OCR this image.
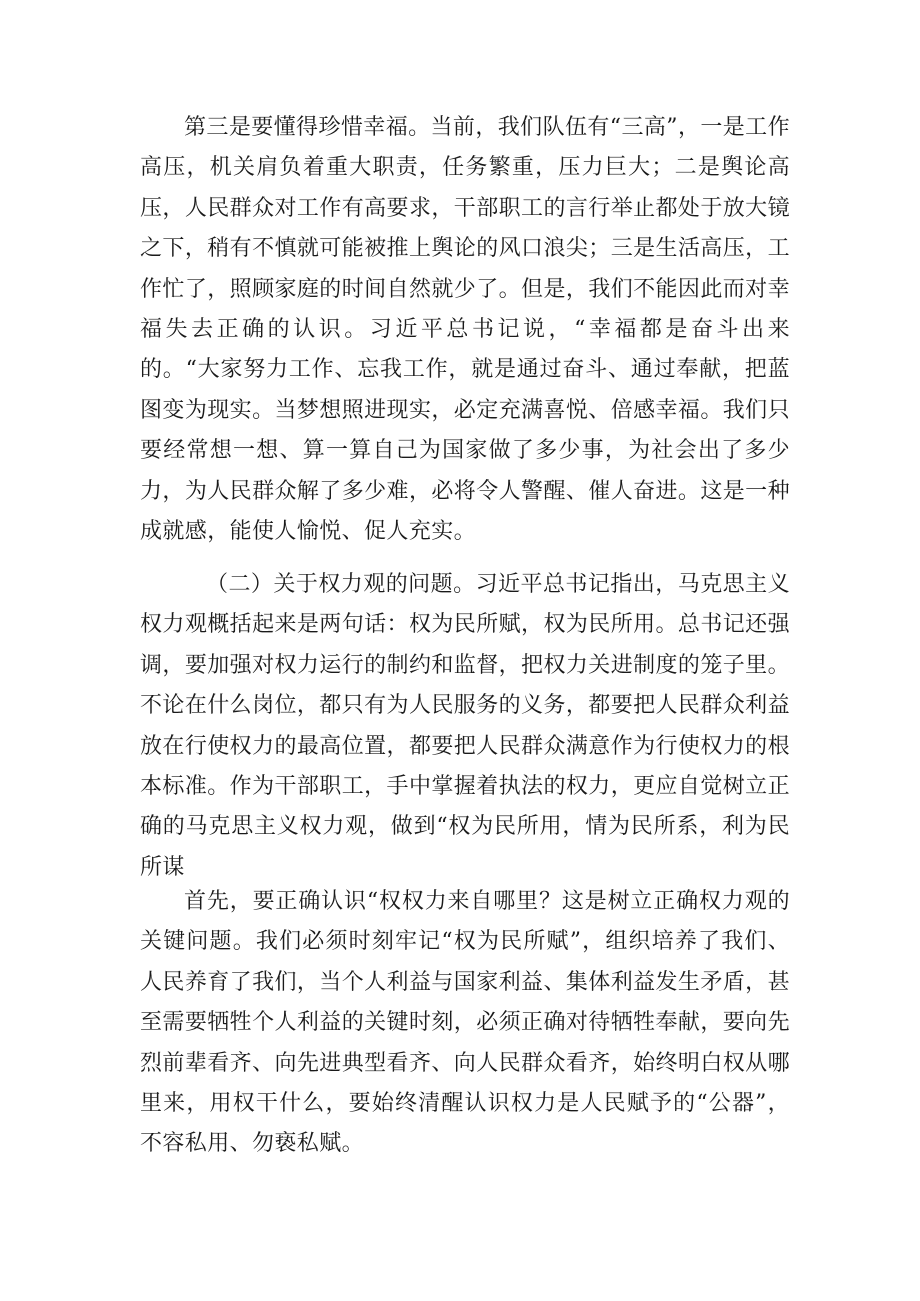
第三是要懂得珍惜幸福。当前，我们队伍有“三高”，一是工作高压，机关肩负着重大职责，任务繁重，压力巨大；二是舆论高压，人民群众对工作有高要求，干部职工的言行举止都处于放大镜之下，稍有不慎就可能被推上舆论的风口浪尖；三是生活高压，工作忙了，照顾家庭的时间自然就少了。但是，我们不能因此而对幸福失去正确的认识。习近平总书记说，“幸福都是奋斗出来的。“大家努力工作、忘我工作，就是通过奋斗、通过奉献，把蓝图变为现实。当梦想照进现实，必定充满喜悦、倍感幸福。我们只要经常想一想、算一算自己为国家做了多少事，为社会出了多少力，为人民群众解了多少难，必将令人警醒、催人奋进。这是一种成就感，能使人愉悦、促人充实。

（二）关于权力观的问题。习近平总书记指出，马克思主义权力观概括起来是两句话：权为民所赋，权为民所用。总书记还强调，要加强对权力运行的制约和监督，把权力关进制度的笼子里。不论在什么岗位，都只有为人民服务的义务，都要把人民群众利益放在行使权力的最高位置，都要把人民群众满意作为行使权力的根本标准。作为干部职工，手中掌握着执法的权力，更应自觉树立正确的马克思主义权力观，做到“权为民所用，情为民所系，利为民所谋

首先，要正确认识“权权力来自哪里？这是树立正确权力观的关键问题。我们必须时刻牢记“权为民所赋”，组织培养了我们、人民养育了我们，当个人利益与国家利益、集体利益发生矛盾，甚至需要牺牲个人利益的关键时刻，必须正确对待牺牲奉献，要向先烈前辈看齐、向先进典型看齐、向人民群众看齐，始终明白权从哪里来，用权干什么，要始终清醒认识权力是人民赋予的“公器”，不容私用、勿亵私赋。
